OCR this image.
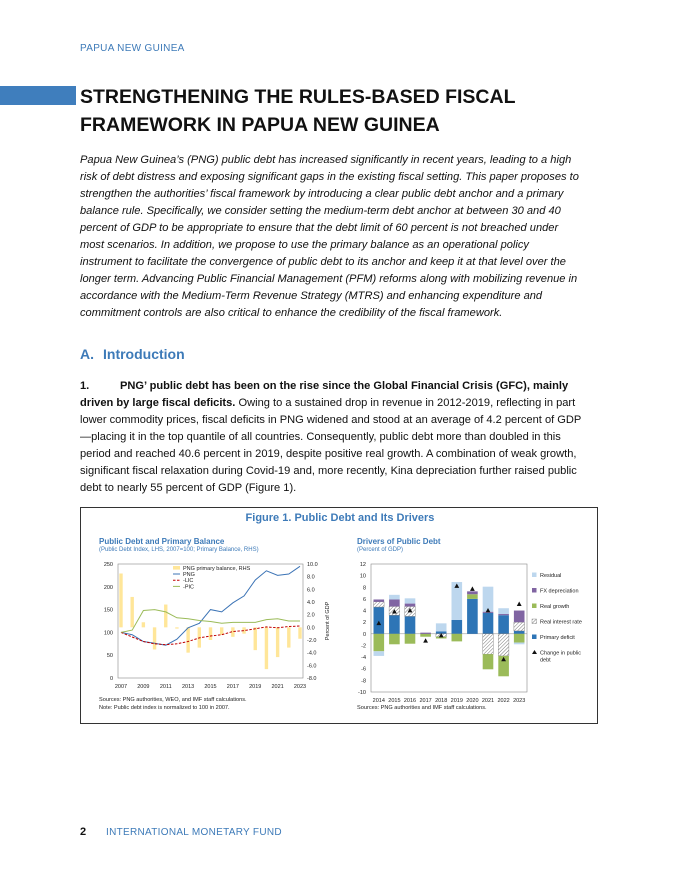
PAPUA NEW GUINEA
STRENGTHENING THE RULES-BASED FISCAL FRAMEWORK IN PAPUA NEW GUINEA

Papua New Guinea’s (PNG) public debt has increased significantly in recent years, leading to a high risk of debt distress and exposing significant gaps in the existing fiscal setting. This paper proposes to strengthen the authorities’ fiscal framework by introducing a clear public debt anchor and a primary balance rule. Specifically, we consider setting the medium-term debt anchor at between 30 and 40 percent of GDP to be appropriate to ensure that the debt limit of 60 percent is not breached under most scenarios. In addition, we propose to use the primary balance as an operational policy instrument to facilitate the convergence of public debt to its anchor and keep it at that level over the longer term. Advancing Public Financial Management (PFM) reforms along with mobilizing revenue in accordance with the Medium-Term Revenue Strategy (MTRS) and enhancing expenditure and commitment controls are also critical to enhance the credibility of the fiscal framework.

A. Introduction

1.	PNG’ public debt has been on the rise since the Global Financial Crisis (GFC), mainly driven by large fiscal deficits. Owing to a sustained drop in revenue in 2012-2019, reflecting in part lower commodity prices, fiscal deficits in PNG widened and stood at an average of 4.2 percent of GDP —placing it in the top quantile of all countries. Consequently, public debt more than doubled in this period and reached 40.6 percent in 2019, despite positive real growth. A combination of weak growth, significant fiscal relaxation during Covid-19 and, more recently, Kina depreciation further raised public debt to nearly 55 percent of GDP (Figure 1).

Figure 1. Public Debt and Its Drivers
Public Debt and Primary Balance
(Public Debt Index, LHS, 2007=100; Primary Balance, RHS)
0
50
100
150
200
250
-8.0
-6.0
-4.0
-2.0
0.0
2.0
4.0
6.0
8.0
10.0
Percent of GDP
2007 2009 2011 2013 2015 2017 2019 2021 2023
PNG primary balance, RHS
PNG
-LIC
-PIC
Sources: PNG authorities, WEO, and IMF staff calculations.
Note: Public debt index is normalized to 100 in 2007.
Drivers of Public Debt
(Percent of GDP)
-10
-8
-6
-4
-2
0
2
4
6
8
10
12
2014 2015 2016 2017 2018 2019 2020 2021 2022 2023
Residual
FX depreciation
Real growth
Real interest rate
Primary deficit
Change in public
debt
Sources: PNG authorities and IMF staff calculations.
2 INTERNATIONAL MONETARY FUND
